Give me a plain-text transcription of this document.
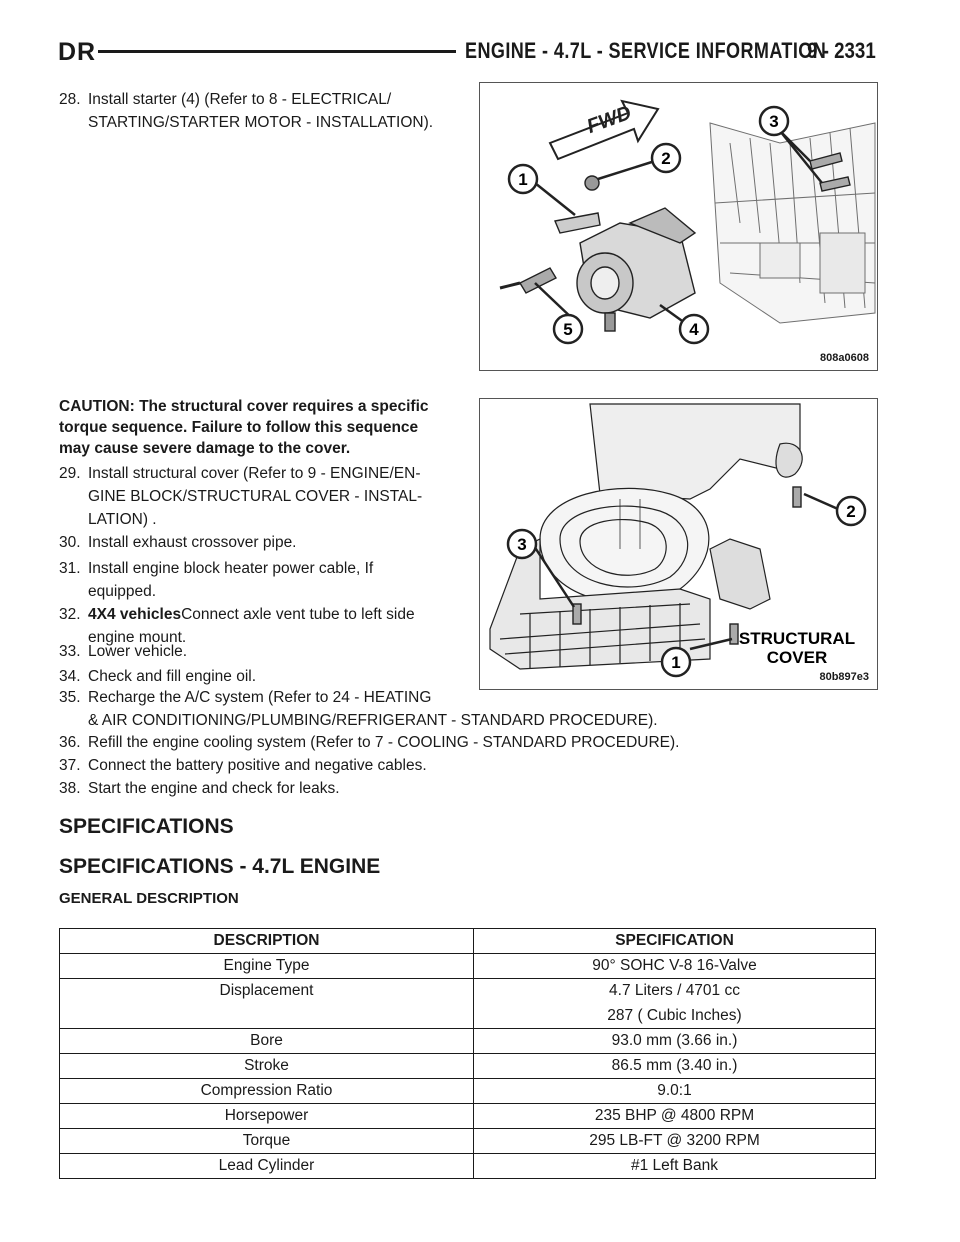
DR	ENGINE - 4.7L - SERVICE INFORMATION
9 - 2331
28. Install starter (4) (Refer to 8 - ELECTRICAL/
STARTING/STARTER MOTOR - INSTALLATION).	FWD
1
2
3
4
5
808a0608
CAUTION: The structural cover requires a specific torque sequence. Failure to follow this sequence may cause severe damage to the cover.
29. Install structural cover (Refer to 9 - ENGINE/EN-
GINE BLOCK/STRUCTURAL COVER - INSTAL-
LATION) .
30. Install exhaust crossover pipe.
31. Install engine block heater power cable, If
equipped.
32. 4X4 vehiclesConnect axle vent tube to left side
engine mount.
33. Lower vehicle.
34. Check and fill engine oil.
2
3
1
STRUCTURAL
COVER
80b897e3
35. Recharge the A/C system (Refer to 24 - HEATING
& AIR CONDITIONING/PLUMBING/REFRIGERANT - STANDARD PROCEDURE).
36. Refill the engine cooling system (Refer to 7 - COOLING - STANDARD PROCEDURE).
37. Connect the battery positive and negative cables.
38. Start the engine and check for leaks.
SPECIFICATIONS
SPECIFICATIONS - 4.7L ENGINE
GENERAL DESCRIPTION
DESCRIPTION	SPECIFICATION
Engine Type	90° SOHC V-8 16-Valve
Displacement	4.7 Liters / 4701 cc
287 ( Cubic Inches)

Bore	93.0 mm (3.66 in.)
Stroke	86.5 mm (3.40 in.)
Compression Ratio	9.0:1
Horsepower	235 BHP @ 4800 RPM
Torque	295 LB-FT @ 3200 RPM
Lead Cylinder	#1 Left Bank
